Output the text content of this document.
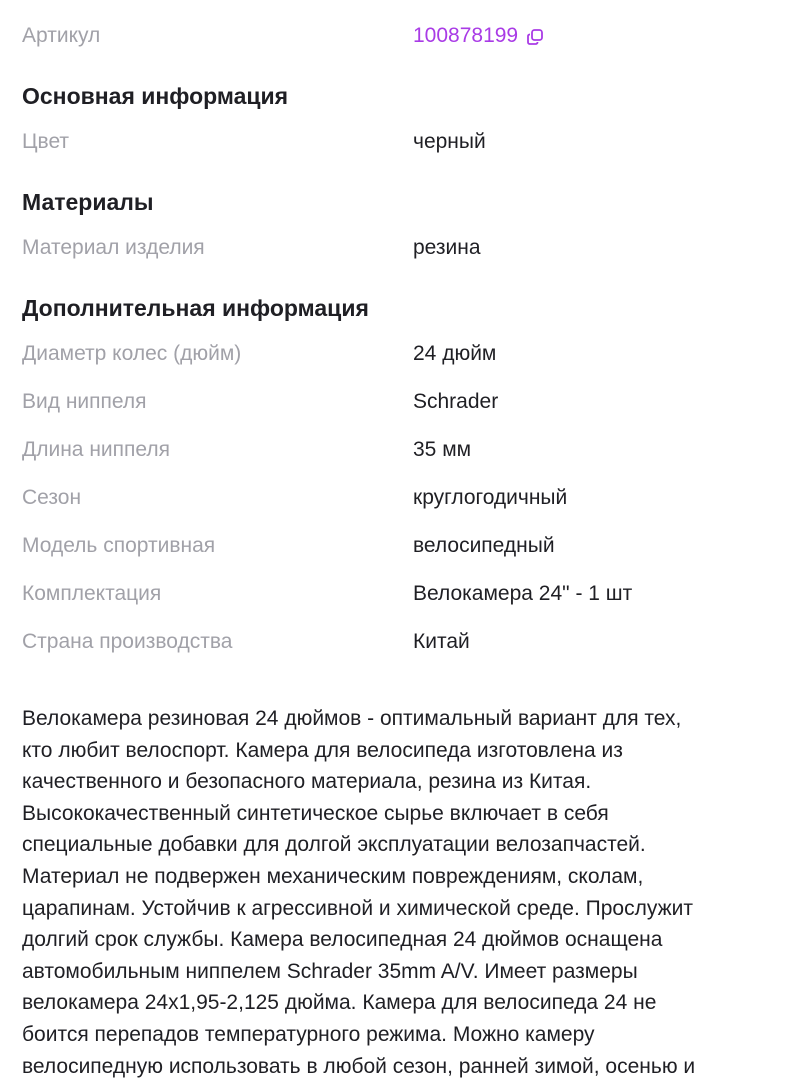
Артикул	100878199
Основная информация
Цвет	черный
Материалы
Материал изделия	резина
Дополнительная информация
Диаметр колес (дюйм)	24 дюйм
Вид ниппеля	Schrader
Длина ниппеля	35 мм
Сезон	круглогодичный
Модель спортивная	велосипедный
Комплектация	Велокамера 24" - 1 шт
Страна производства	Китай
Велокамера резиновая 24 дюймов - оптимальный вариант для тех,
кто любит велоспорт. Камера для велосипеда изготовлена из
качественного и безопасного материала, резина из Китая.
Высококачественный синтетическое сырье включает в себя
специальные добавки для долгой эксплуатации велозапчастей.
Материал не подвержен механическим повреждениям, сколам,
царапинам. Устойчив к агрессивной и химической среде. Прослужит
долгий срок службы. Камера велосипедная 24 дюймов оснащена
автомобильным ниппелем Schrader 35mm A/V. Имеет размеры
велокамера 24x1,95-2,125 дюйма. Камера для велосипеда 24 не
боится перепадов температурного режима. Можно камеру
велосипедную использовать в любой сезон, ранней зимой, осенью и
